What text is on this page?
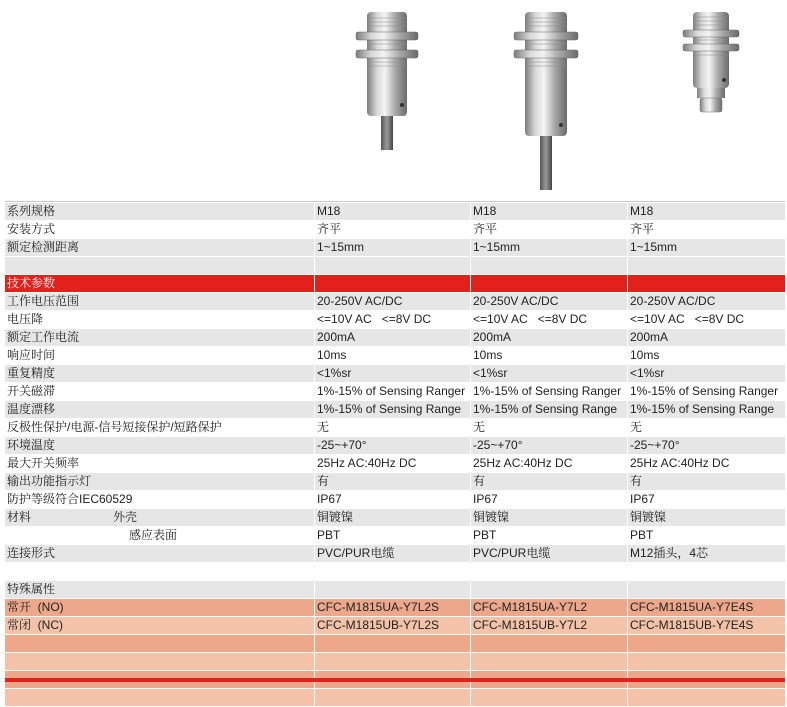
系列规格	M18	M18	M18
安装方式	齐平	齐平	齐平
额定检测距离	1~15mm	1~15mm	1~15mm
技术参数
工作电压范围	20-250V AC/DC	20-250V AC/DC	20-250V AC/DC
电压降	<=10V AC   <=8V DC	<=10V AC   <=8V DC	<=10V AC   <=8V DC
额定工作电流	200mA	200mA	200mA
响应时间	10ms	10ms	10ms
重复精度	<1%sr	<1%sr	<1%sr
开关磁滞	1%-15% of Sensing Ranger 1%-15% of Sensing Ranger 1%-15% of Sensing Ranger
温度漂移	1%-15% of Sensing Range 1%-15% of Sensing Range	1%-15% of Sensing Range
反极性保护/电源-信号短接保护/短路保护	无	无	无
环境温度	-25~+70°	-25~+70°	-25~+70°
最大开关频率	25Hz AC:40Hz DC	25Hz AC:40Hz DC	25Hz AC:40Hz DC
输出功能指示灯	有	有	有
防护等级符合IEC60529	IP67	IP67	IP67
材料	外壳	铜镀镍	铜镀镍	铜镀镍
感应表面	PBT	PBT	PBT
连接形式	PVC/PUR电缆	PVC/PUR电缆	M12插头，4芯
特殊属性
常开  (NO)	CFC-M1815UA-Y7L2S	CFC-M1815UA-Y7L2	CFC-M1815UA-Y7E4S
常闭  (NC)	CFC-M1815UB-Y7L2S	CFC-M1815UB-Y7L2	CFC-M1815UB-Y7E4S
